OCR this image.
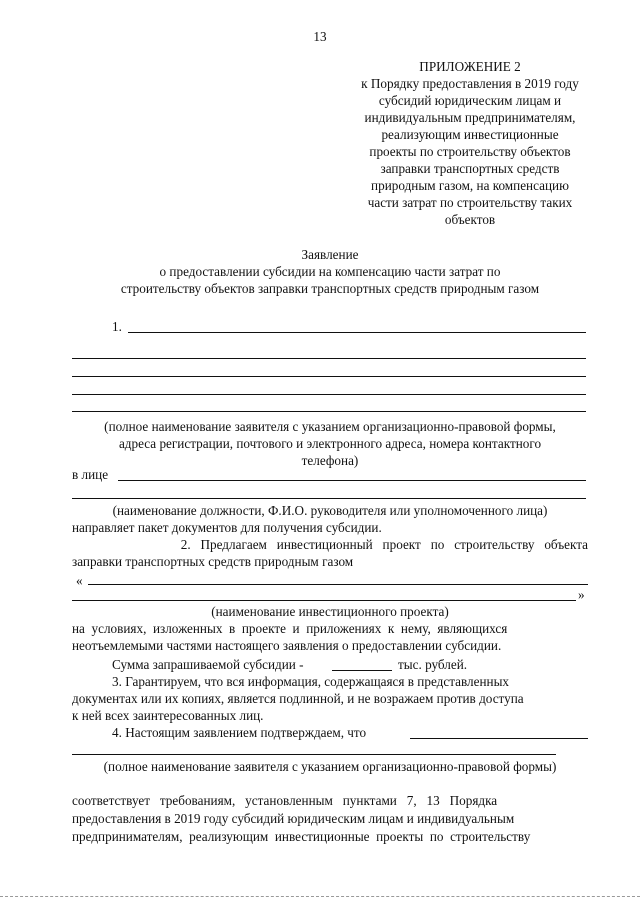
13
ПРИЛОЖЕНИЕ 2
к Порядку предоставления в 2019 году
субсидий юридическим лицам и
индивидуальным предпринимателям,
реализующим инвестиционные
проекты по строительству объектов
заправки транспортных средств
природным газом, на компенсацию
части затрат по строительству таких
объектов
Заявление
о предоставлении субсидии на компенсацию части затрат по
строительству объектов заправки транспортных средств природным газом
1.
(полное наименование заявителя с указанием организационно-правовой формы,
адреса регистрации, почтового и электронного адреса, номера контактного
телефона)
в лице
(наименование должности, Ф.И.О. руководителя или уполномоченного лица)
направляет пакет документов для получения субсидии.
2.   Предлагаем   инвестиционный   проект   по   строительству   объекта
заправки транспортных средств природным газом
«
»
(наименование инвестиционного проекта)
на  условиях,  изложенных  в  проекте  и  приложениях  к  нему,  являющихся
неотъемлемыми частями настоящего заявления о предоставлении субсидии.
Сумма запрашиваемой субсидии -	тыс. рублей.
3. Гарантируем, что вся информация, содержащаяся в представленных
документах или их копиях, является подлинной, и не возражаем против доступа
к ней всех заинтересованных лиц.
4. Настоящим заявлением подтверждаем, что
(полное наименование заявителя с указанием организационно-правовой формы)
соответствует   требованиям,   установленным   пунктами   7,   13   Порядка
предоставления в 2019 году субсидий юридическим лицам и индивидуальным
предпринимателям,  реализующим  инвестиционные  проекты  по  строительству
